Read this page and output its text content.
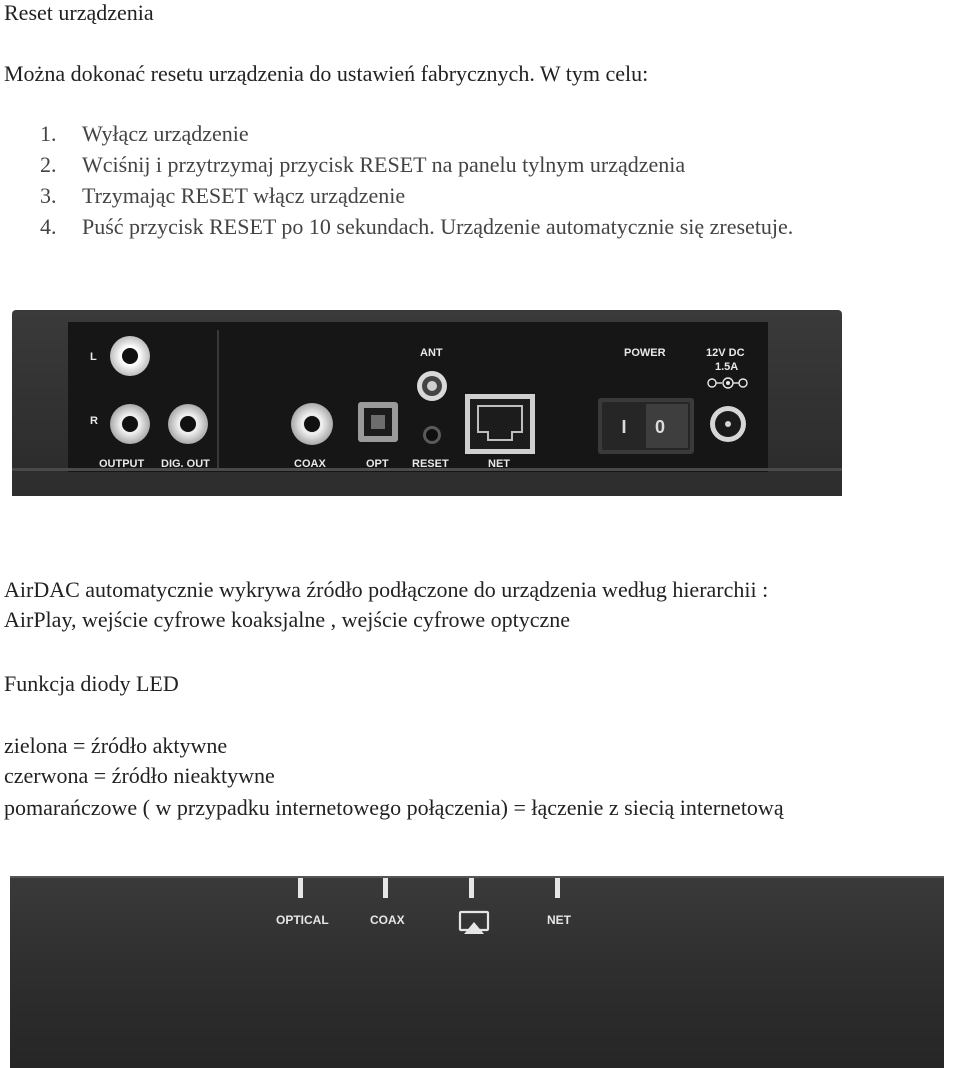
Reset urządzenia
Można dokonać resetu urządzenia do ustawień fabrycznych. W tym celu:
1. Wyłącz urządzenie
2. Wciśnij i przytrzymaj przycisk RESET na panelu tylnym urządzenia
3. Trzymając RESET włącz urządzenie
4. Puść przycisk RESET po 10 sekundach. Urządzenie automatycznie się zresetuje.
L
R
OUTPUT DIG. OUT	COAX	OPT
ANT
RESET	NET
POWER
I 0
12V DC
1.5A
AirDAC automatycznie wykrywa źródło podłączone do urządzenia według hierarchii :
AirPlay, wejście cyfrowe koaksjalne , wejście cyfrowe optyczne
Funkcja diody LED
zielona = źródło aktywne
czerwona = źródło nieaktywne
pomarańczowe ( w przypadku internetowego połączenia) = łączenie z siecią internetową
OPTICAL	COAX	NET
